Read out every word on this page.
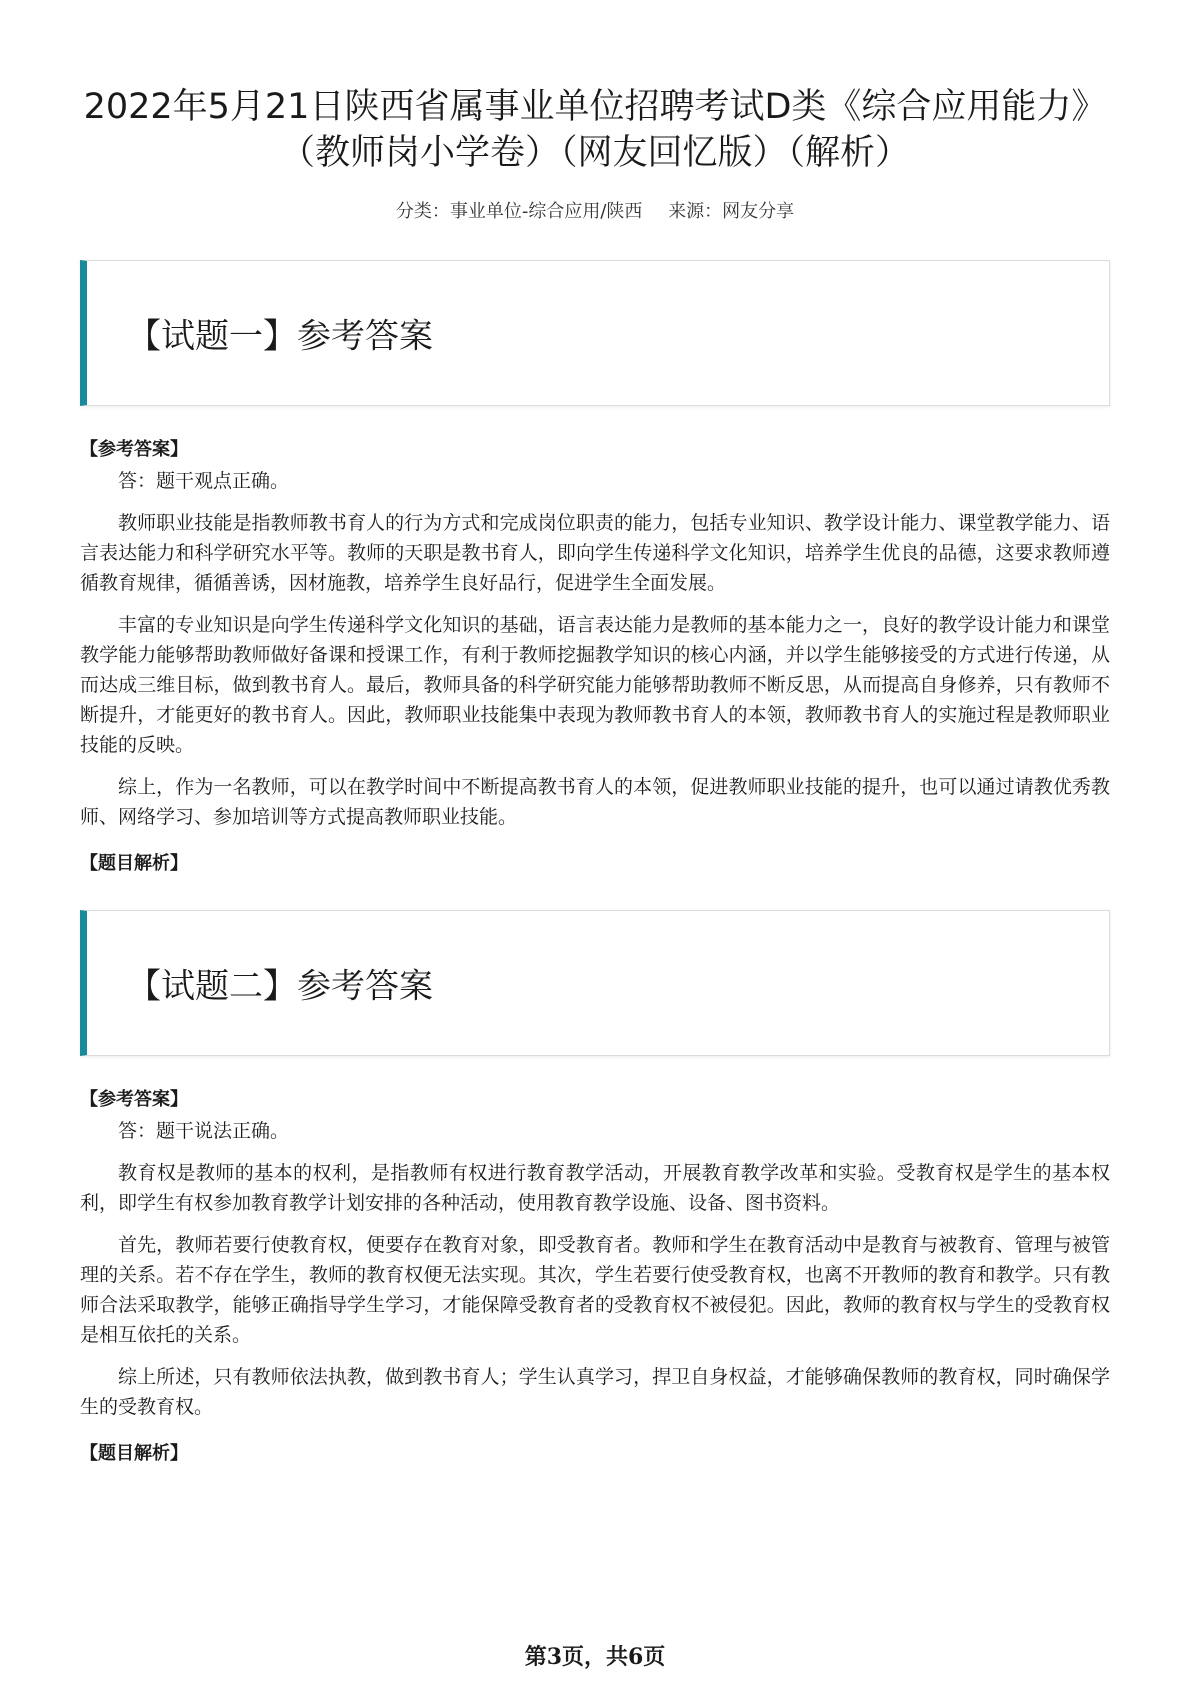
2022年5月21日陕西省属事业单位招聘考试D类《综合应用能力》
（教师岗小学卷）（网友回忆版）（解析）
分类：事业单位-综合应用/陕西 来源：网友分享
【试题一】参考答案
【参考答案】

答：题干观点正确。

教师职业技能是指教师教书育人的行为方式和完成岗位职责的能力，包括专业知识、教学设计能力、课堂教学能力、语言表达能力和科学研究水平等。教师的天职是教书育人，即向学生传递科学文化知识，培养学生优良的品德，这要求教师遵循教育规律，循循善诱，因材施教，培养学生良好品行，促进学生全面发展。

丰富的专业知识是向学生传递科学文化知识的基础，语言表达能力是教师的基本能力之一，良好的教学设计能力和课堂教学能力能够帮助教师做好备课和授课工作，有利于教师挖掘教学知识的核心内涵，并以学生能够接受的方式进行传递，从而达成三维目标，做到教书育人。最后，教师具备的科学研究能力能够帮助教师不断反思，从而提高自身修养，只有教师不断提升，才能更好的教书育人。因此，教师职业技能集中表现为教师教书育人的本领，教师教书育人的实施过程是教师职业技能的反映。

综上，作为一名教师，可以在教学时间中不断提高教书育人的本领，促进教师职业技能的提升，也可以通过请教优秀教师、网络学习、参加培训等方式提高教师职业技能。

【题目解析】
【试题二】参考答案
【参考答案】

答：题干说法正确。

教育权是教师的基本的权利，是指教师有权进行教育教学活动，开展教育教学改革和实验。受教育权是学生的基本权利，即学生有权参加教育教学计划安排的各种活动，使用教育教学设施、设备、图书资料。

首先，教师若要行使教育权，便要存在教育对象，即受教育者。教师和学生在教育活动中是教育与被教育、管理与被管理的关系。若不存在学生，教师的教育权便无法实现。其次，学生若要行使受教育权，也离不开教师的教育和教学。只有教师合法采取教学，能够正确指导学生学习，才能保障受教育者的受教育权不被侵犯。因此，教师的教育权与学生的受教育权是相互依托的关系。

综上所述，只有教师依法执教，做到教书育人；学生认真学习，捍卫自身权益，才能够确保教师的教育权，同时确保学生的受教育权。

【题目解析】
第3页，共6页
